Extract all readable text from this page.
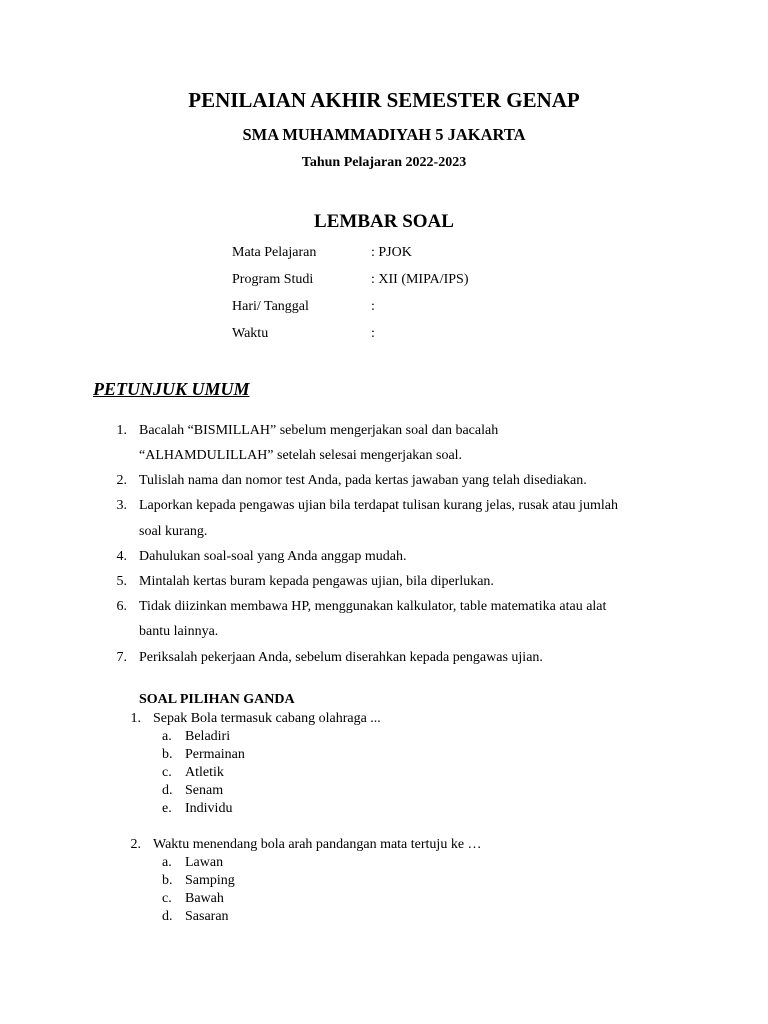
PENILAIAN AKHIR SEMESTER GENAP
SMA MUHAMMADIYAH 5 JAKARTA
Tahun Pelajaran 2022-2023
LEMBAR SOAL
Mata Pelajaran	: PJOK
Program Studi	: XII (MIPA/IPS)
Hari/ Tanggal	:
Waktu	:
PETUNJUK UMUM
1. Bacalah “BISMILLAH” sebelum mengerjakan soal dan bacalah
“ALHAMDULILLAH” setelah selesai mengerjakan soal.
2. Tulislah nama dan nomor test Anda, pada kertas jawaban yang telah disediakan.
3. Laporkan kepada pengawas ujian bila terdapat tulisan kurang jelas, rusak atau jumlah
soal kurang.
4. Dahulukan soal-soal yang Anda anggap mudah.
5. Mintalah kertas buram kepada pengawas ujian, bila diperlukan.
6. Tidak diizinkan membawa HP, menggunakan kalkulator, table matematika atau alat
bantu lainnya.
7. Periksalah pekerjaan Anda, sebelum diserahkan kepada pengawas ujian.
SOAL PILIHAN GANDA
1. Sepak Bola termasuk cabang olahraga ...
a. Beladiri
b. Permainan
c. Atletik
d. Senam
e. Individu
2. Waktu menendang bola arah pandangan mata tertuju ke …
a. Lawan
b. Samping
c. Bawah
d. Sasaran
